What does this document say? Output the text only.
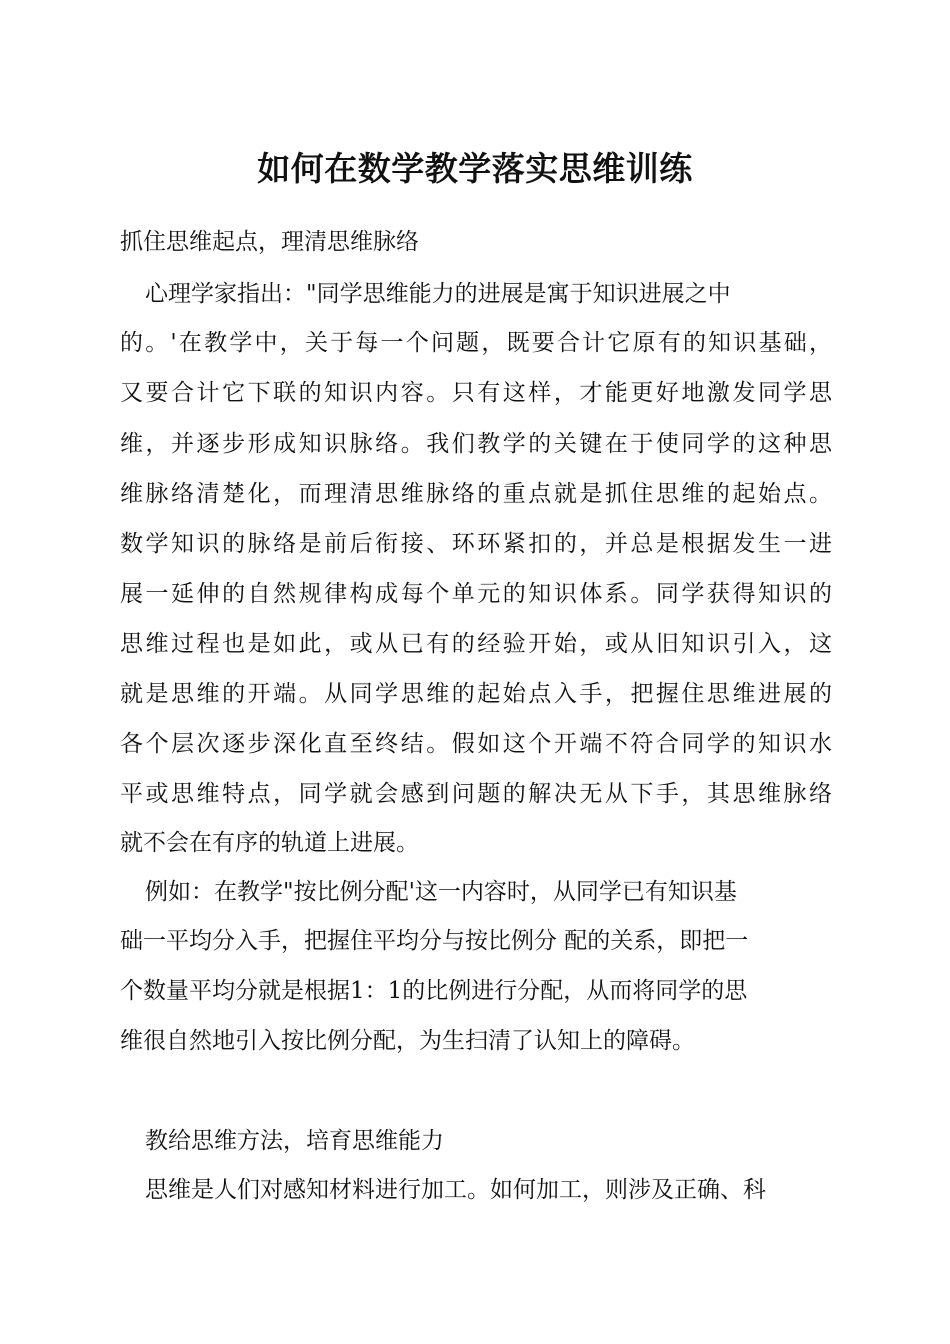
如何在数学教学落实思维训练

抓住思维起点，理清思维脉络

心理学家指出："同学思维能力的进展是寓于知识进展之中

的。'在教学中，关于每一个问题，既要合计它原有的知识基础，

又要合计它下联的知识内容。只有这样，才能更好地激发同学思

维，并逐步形成知识脉络。我们教学的关键在于使同学的这种思

维脉络清楚化，而理清思维脉络的重点就是抓住思维的起始点。

数学知识的脉络是前后衔接、环环紧扣的，并总是根据发生一进

展一延伸的自然规律构成每个单元的知识体系。同学获得知识的

思维过程也是如此，或从已有的经验开始，或从旧知识引入，这

就是思维的开端。从同学思维的起始点入手，把握住思维进展的

各个层次逐步深化直至终结。假如这个开端不符合同学的知识水

平或思维特点，同学就会感到问题的解决无从下手，其思维脉络

就不会在有序的轨道上进展。

例如：在教学"按比例分配'这一内容时，从同学已有知识基

础一平均分入手，把握住平均分与按比例分 配的关系，即把一

个数量平均分就是根据1：1的比例进行分配，从而将同学的思

维很自然地引入按比例分配，为生扫清了认知上的障碍。

教给思维方法，培育思维能力

思维是人们对感知材料进行加工。如何加工，则涉及正确、科
